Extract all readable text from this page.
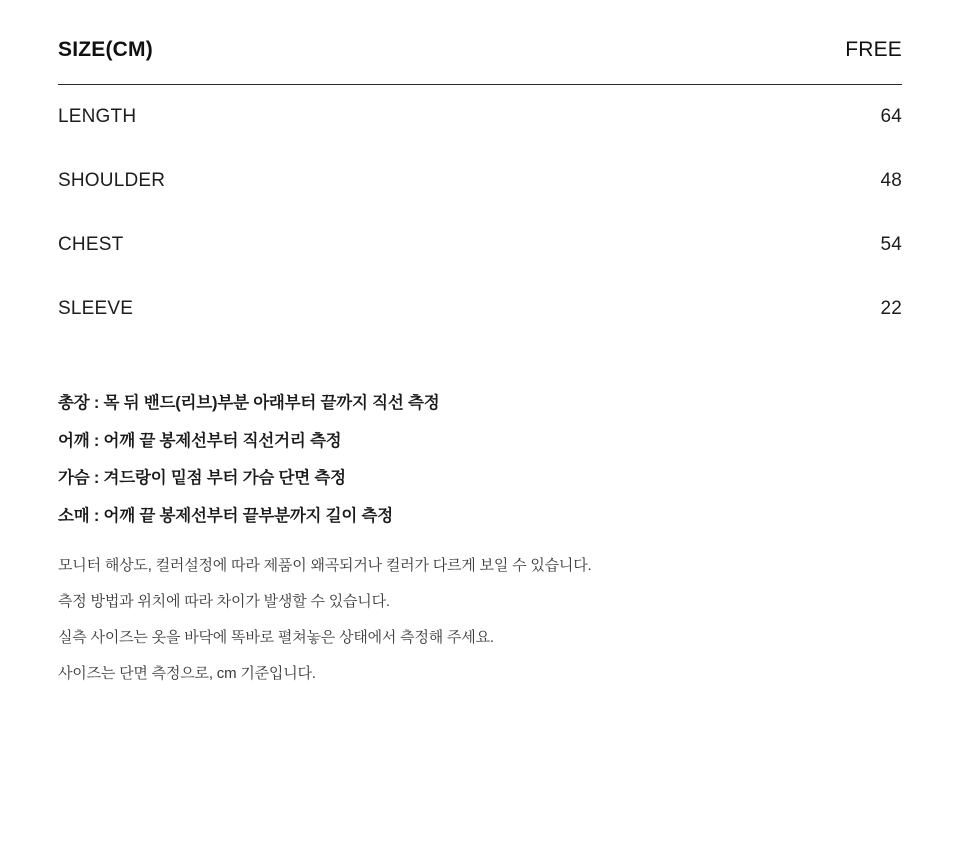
SIZE(CM)	FREE
LENGTH	64
SHOULDER	48
CHEST	54
SLEEVE	22
총장 : 목 뒤 밴드(리브)부분 아래부터 끝까지 직선 측정
어깨 : 어깨 끝 봉제선부터 직선거리 측정
가슴 : 겨드랑이 밑점 부터 가슴 단면 측정
소매 : 어깨 끝 봉제선부터 끝부분까지 길이 측정
모니터 해상도, 컬러설정에 따라 제품이 왜곡되거나 컬러가 다르게 보일 수 있습니다.
측정 방법과 위치에 따라 차이가 발생할 수 있습니다.
실측 사이즈는 옷을 바닥에 똑바로 펼쳐놓은 상태에서 측정해 주세요.
사이즈는 단면 측정으로, cm 기준입니다.
